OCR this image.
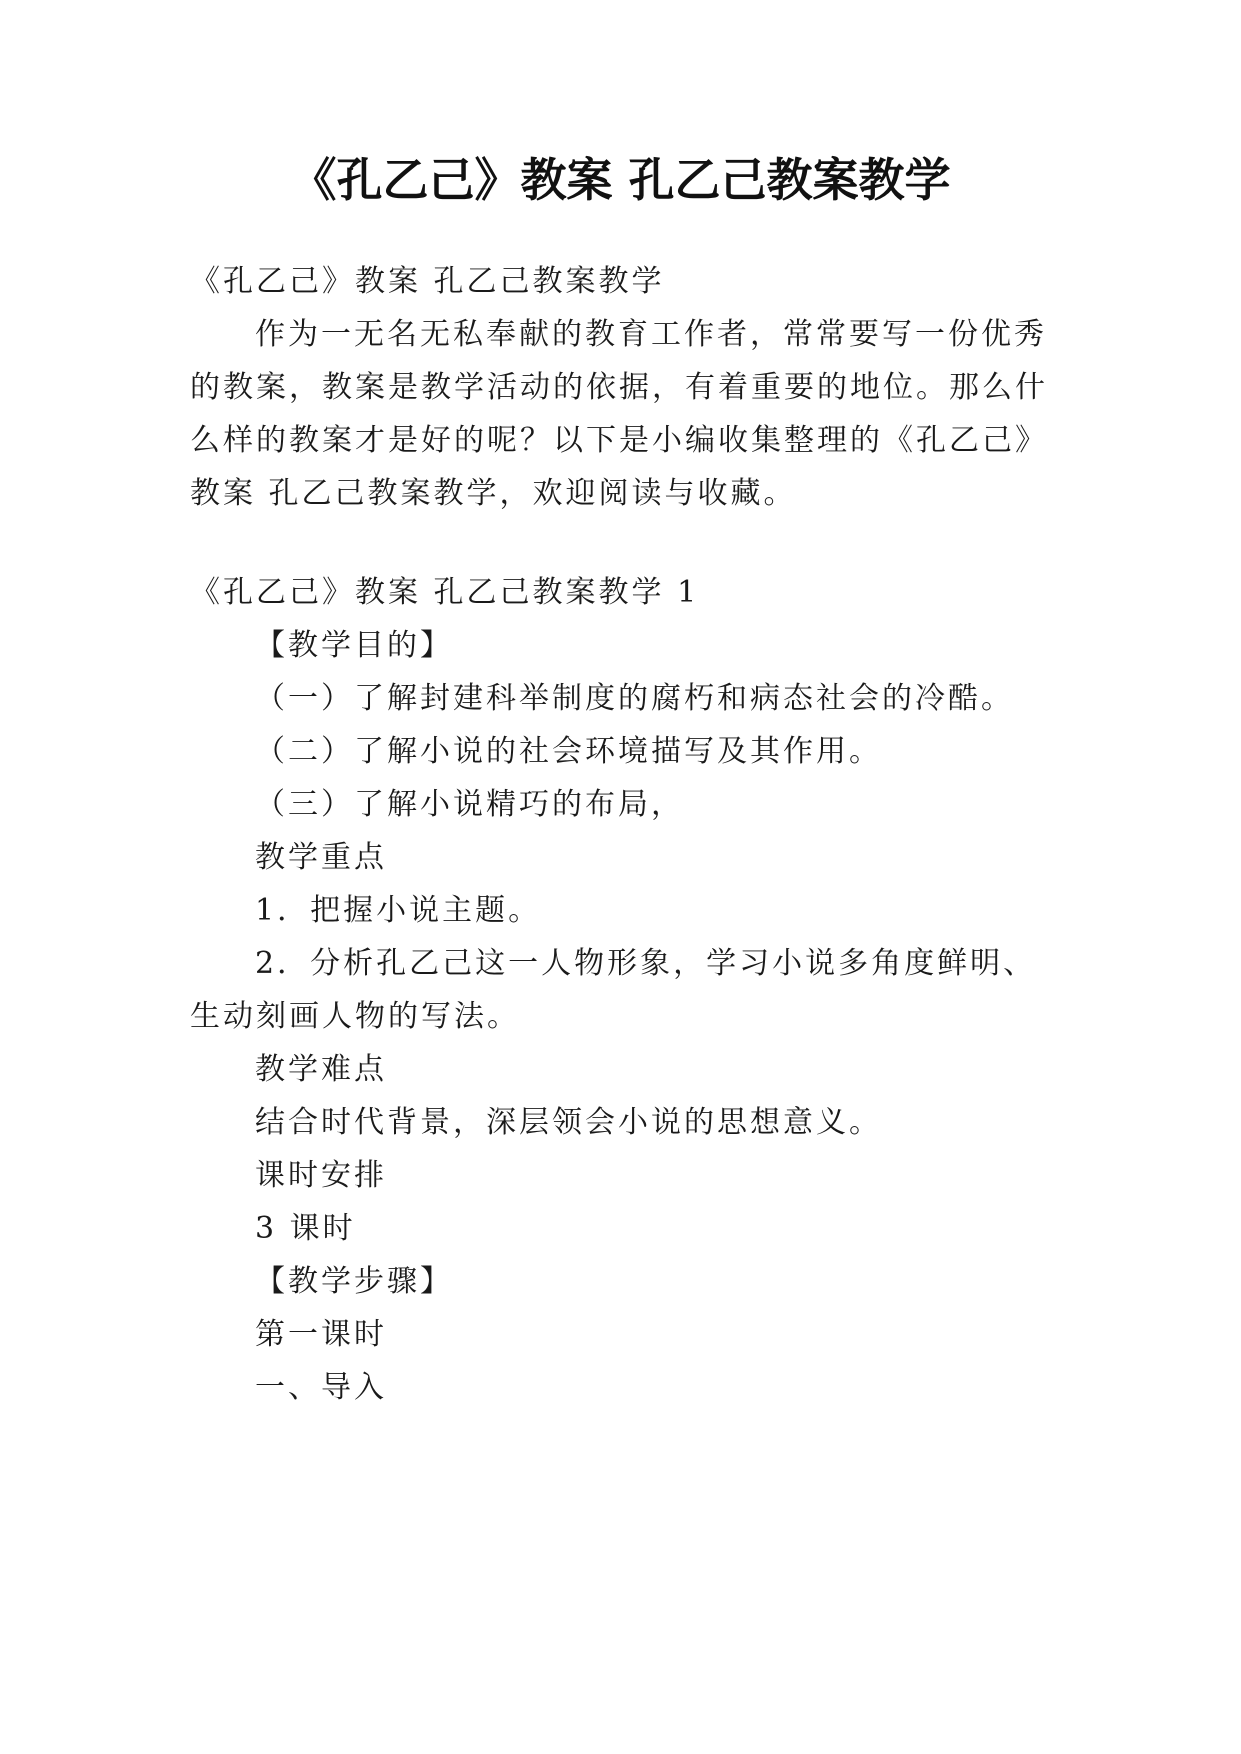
《孔乙己》教案 孔乙己教案教学

《孔乙己》教案 孔乙己教案教学

作为一无名无私奉献的教育工作者，常常要写一份优秀

的教案，教案是教学活动的依据，有着重要的地位。那么什

么样的教案才是好的呢？以下是小编收集整理的《孔乙己》

教案 孔乙己教案教学，欢迎阅读与收藏。

《孔乙己》教案 孔乙己教案教学 1

【教学目的】

（一）了解封建科举制度的腐朽和病态社会的冷酷。

（二）了解小说的社会环境描写及其作用。

（三）了解小说精巧的布局，

教学重点

1．把握小说主题。

2．分析孔乙己这一人物形象，学习小说多角度鲜明、

生动刻画人物的写法。

教学难点

结合时代背景，深层领会小说的思想意义。

课时安排

3 课时

【教学步骤】

第一课时

一、导入
